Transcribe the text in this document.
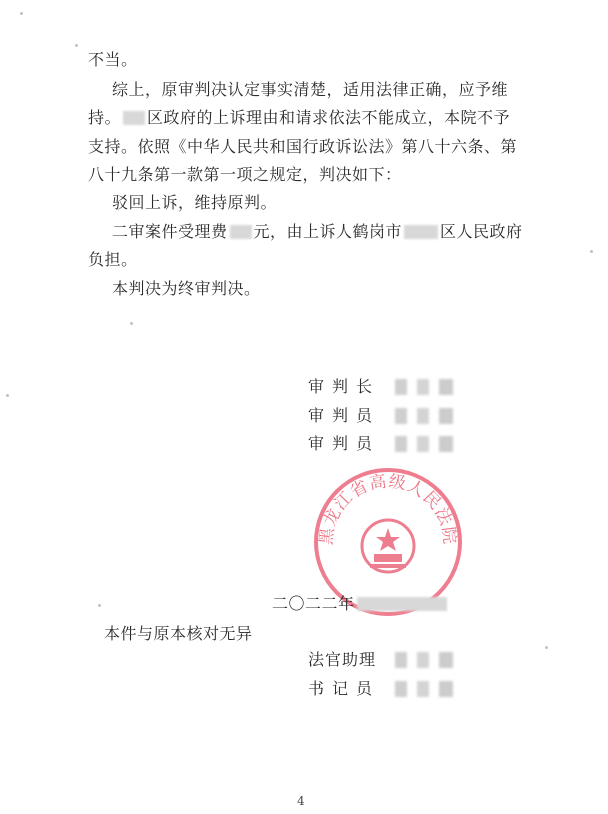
不当。
综上，原审判决认定事实清楚，适用法律正确，应予维
持。 区政府的上诉理由和请求依法不能成立，本院不予
支持。依照《中华人民共和国行政诉讼法》第八十六条、第
八十九条第一款第一项之规定，判决如下：
驳回上诉，维持原判。
二审案件受理费 元，由上诉人鹤岗市 区人民政府
负担。
本判决为终审判决。
审判长
审判员
审判员
黑龙江省高级人民法院
二〇二二年
本件与原本核对无异
法官助理
书记员
4
